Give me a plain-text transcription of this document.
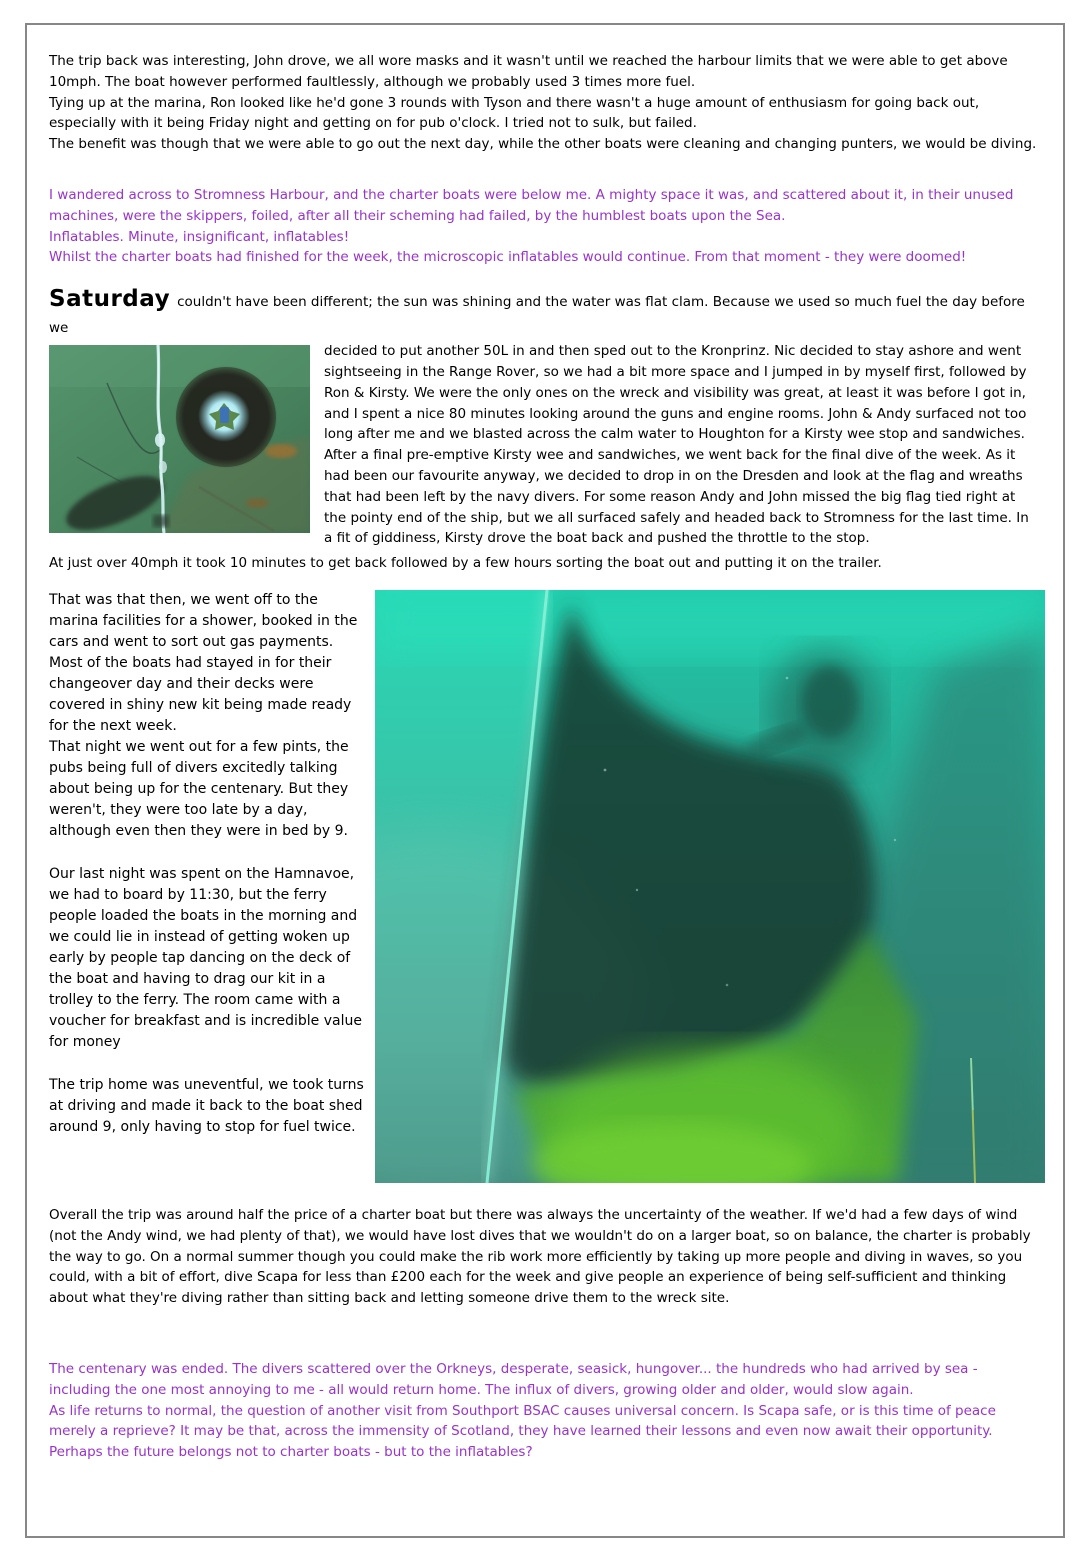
The trip back was interesting, John drove, we all wore masks and it wasn't until we reached the harbour limits that we were able to get above 10mph. The boat however performed faultlessly, although we probably used 3 times more fuel.

Tying up at the marina, Ron looked like he'd gone 3 rounds with Tyson and there wasn't a huge amount of enthusiasm for going back out, especially with it being Friday night and getting on for pub o'clock. I tried not to sulk, but failed.

The benefit was though that we were able to go out the next day, while the other boats were cleaning and changing punters, we would be diving.

I wandered across to Stromness Harbour, and the charter boats were below me. A mighty space it was, and scattered about it, in their unused machines, were the skippers, foiled, after all their scheming had failed, by the humblest boats upon the Sea.

Inflatables. Minute, insignificant, inflatables!

Whilst the charter boats had finished for the week, the microscopic inflatables would continue. From that moment - they were doomed!

Saturday couldn't have been different; the sun was shining and the water was flat clam. Because we used so much fuel the day before we

decided to put another 50L in and then sped out to the Kronprinz. Nic decided to stay ashore and went sightseeing in the Range Rover, so we had a bit more space and I jumped in by myself first, followed by Ron & Kirsty. We were the only ones on the wreck and visibility was great, at least it was before I got in, and I spent a nice 80 minutes looking around the guns and engine rooms. John & Andy surfaced not too long after me and we blasted across the calm water to Houghton for a Kirsty wee stop and sandwiches. After a final pre-emptive Kirsty wee and sandwiches, we went back for the final dive of the week. As it had been our favourite anyway, we decided to drop in on the Dresden and look at the flag and wreaths that had been left by the navy divers. For some reason Andy and John missed the big flag tied right at the pointy end of the ship, but we all surfaced safely and headed back to Stromness for the last time. In a fit of giddiness, Kirsty drove the boat back and pushed the throttle to the stop.

At just over 40mph it took 10 minutes to get back followed by a few hours sorting the boat out and putting it on the trailer.

That was that then, we went off to the marina facilities for a shower, booked in the cars and went to sort out gas payments. Most of the boats had stayed in for their changeover day and their decks were covered in shiny new kit being made ready for the next week.

That night we went out for a few pints, the pubs being full of divers excitedly talking about being up for the centenary. But they weren't, they were too late by a day, although even then they were in bed by 9.

Our last night was spent on the Hamnavoe, we had to board by 11:30, but the ferry people loaded the boats in the morning and we could lie in instead of getting woken up early by people tap dancing on the deck of the boat and having to drag our kit in a trolley to the ferry. The room came with a voucher for breakfast and is incredible value for money

The trip home was uneventful, we took turns at driving and made it back to the boat shed around 9, only having to stop for fuel twice.

Overall the trip was around half the price of a charter boat but there was always the uncertainty of the weather. If we'd had a few days of wind (not the Andy wind, we had plenty of that), we would have lost dives that we wouldn't do on a larger boat, so on balance, the charter is probably the way to go. On a normal summer though you could make the rib work more efficiently by taking up more people and diving in waves, so you could, with a bit of effort, dive Scapa for less than £200 each for the week and give people an experience of being self-sufficient and thinking about what they're diving rather than sitting back and letting someone drive them to the wreck site.

The centenary was ended. The divers scattered over the Orkneys, desperate, seasick, hungover... the hundreds who had arrived by sea - including the one most annoying to me - all would return home. The influx of divers, growing older and older, would slow again.

As life returns to normal, the question of another visit from Southport BSAC causes universal concern. Is Scapa safe, or is this time of peace merely a reprieve? It may be that, across the immensity of Scotland, they have learned their lessons and even now await their opportunity.

Perhaps the future belongs not to charter boats - but to the inflatables?
